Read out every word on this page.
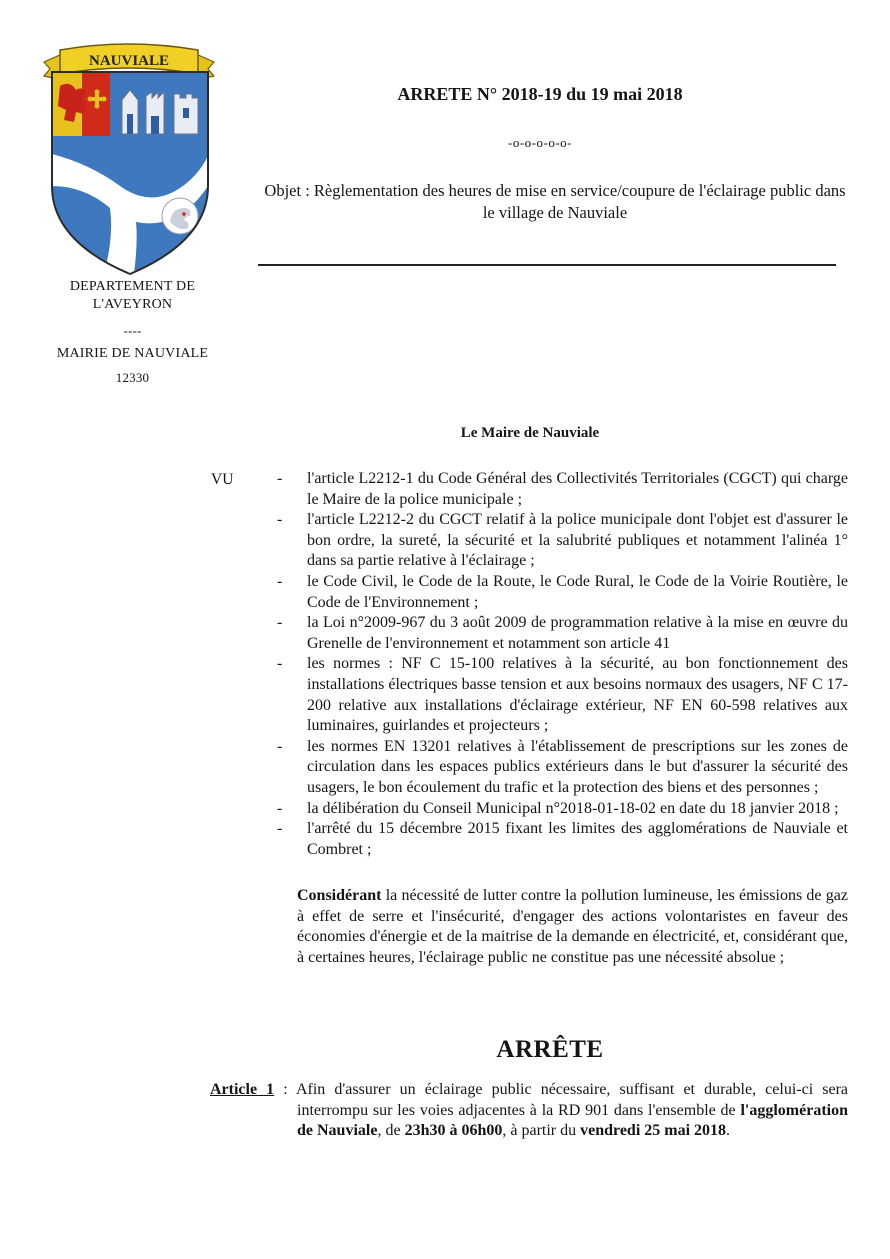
NAUVIALE
DEPARTEMENT DE
L'AVEYRON
----
MAIRIE DE NAUVIALE
12330
ARRETE N° 2018-19 du 19 mai 2018
-o-o-o-o-o-
Objet : Règlementation des heures de mise en service/coupure de l'éclairage public dans le village de Nauviale
Le Maire de Nauviale
VU	- l'article L2212-1 du Code Général des Collectivités Territoriales (CGCT) qui charge le Maire de la police municipale ;
- l'article L2212-2 du CGCT relatif à la police municipale dont l'objet est d'assurer le bon ordre, la sureté, la sécurité et la salubrité publiques et notamment l'alinéa 1° dans sa partie relative à l'éclairage ;
- le Code Civil, le Code de la Route, le Code Rural, le Code de la Voirie Routière, le Code de l'Environnement ;
- la Loi n°2009-967 du 3 août 2009 de programmation relative à la mise en œuvre du Grenelle de l'environnement et notamment son article 41
- les normes : NF C 15-100 relatives à la sécurité, au bon fonctionnement des installations électriques basse tension et aux besoins normaux des usagers, NF C 17-200 relative aux installations d'éclairage extérieur, NF EN 60-598 relatives aux luminaires, guirlandes et projecteurs ;
- les normes EN 13201 relatives à l'établissement de prescriptions sur les zones de circulation dans les espaces publics extérieurs dans le but d'assurer la sécurité des usagers, le bon écoulement du trafic et la protection des biens et des personnes ;
- la délibération du Conseil Municipal n°2018-01-18-02 en date du 18 janvier 2018 ;
- l'arrêté du 15 décembre 2015 fixant les limites des agglomérations de Nauviale et Combret ;

Considérant la nécessité de lutter contre la pollution lumineuse, les émissions de gaz à effet de serre et l'insécurité, d'engager des actions volontaristes en faveur des économies d'énergie et de la maitrise de la demande en électricité, et, considérant que, à certaines heures, l'éclairage public ne constitue pas une nécessité absolue ;

ARRÊTE

Article 1 : Afin d'assurer un éclairage public nécessaire, suffisant et durable, celui-ci sera interrompu sur les voies adjacentes à la RD 901 dans l'ensemble de l'agglomération de Nauviale, de 23h30 à 06h00, à partir du vendredi 25 mai 2018.
